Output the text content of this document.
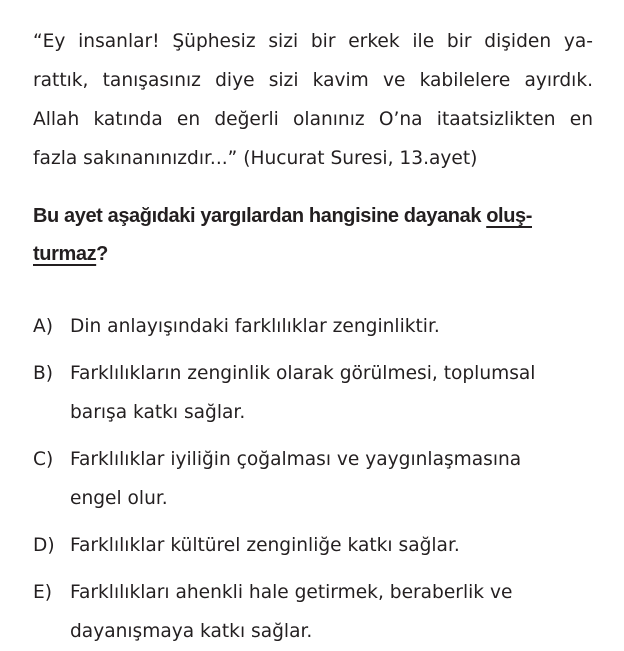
“Ey insanlar! Şüphesiz sizi bir erkek ile bir dişiden ya-
rattık, tanışasınız diye sizi kavim ve kabilelere ayırdık.
Allah katında en değerli olanınız O’na itaatsizlikten en
fazla sakınanınızdır...” (Hucurat Suresi, 13.ayet)
Bu ayet aşağıdaki yargılardan hangisine dayanak oluş-
turmaz?
A) Din anlayışındaki farklılıklar zenginliktir.
B) Farklılıkların zenginlik olarak görülmesi, toplumsal
barışa katkı sağlar.
C) Farklılıklar iyiliğin çoğalması ve yaygınlaşmasına
engel olur.
D) Farklılıklar kültürel zenginliğe katkı sağlar.
E) Farklılıkları ahenkli hale getirmek, beraberlik ve
dayanışmaya katkı sağlar.
